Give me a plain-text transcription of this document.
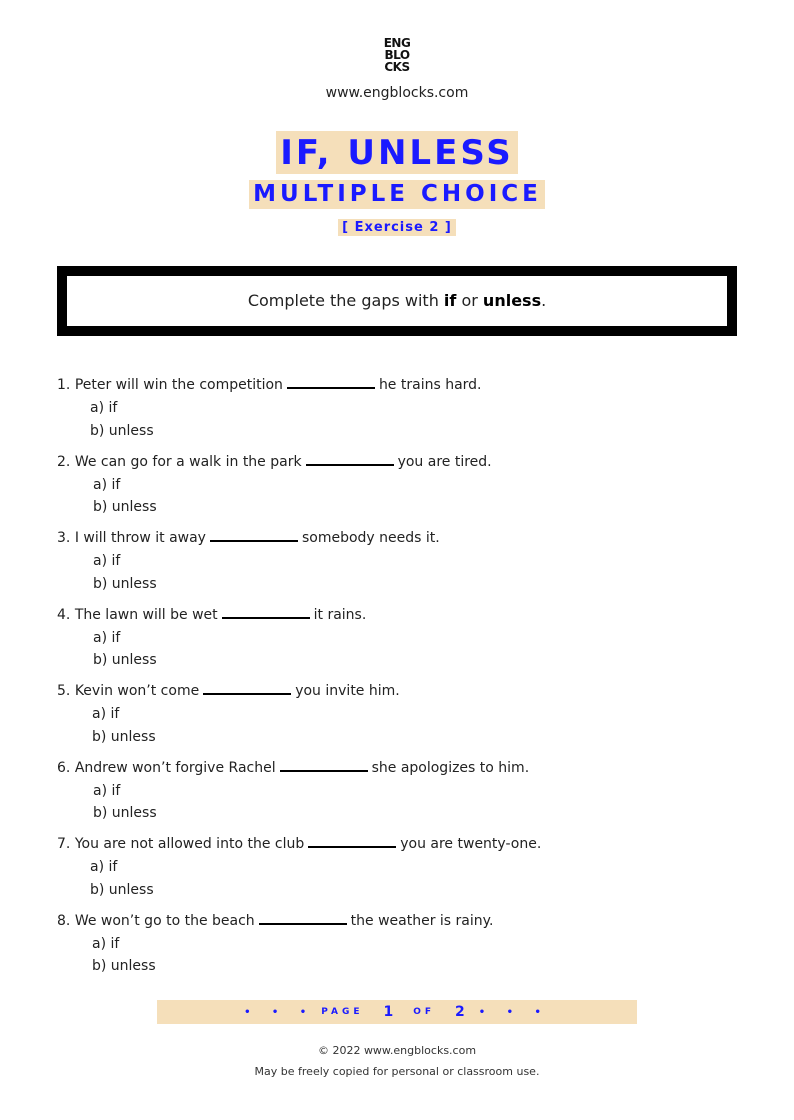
ENG
BLO
CKS
www.engblocks.com
IF, UNLESS
MULTIPLE CHOICE
[ Exercise 2 ]
Complete the gaps with if or unless.
1. Peter will win the competition	he trains hard.
a) if
b) unless
2. We can go for a walk in the park	you are tired.
a) if
b) unless
3. I will throw it away	somebody needs it.
a) if
b) unless
4. The lawn will be wet	it rains.
a) if
b) unless
5. Kevin won’t come	you invite him.
a) if
b) unless
6. Andrew won’t forgive Rachel	she apologizes to him.
a) if
b) unless
7. You are not allowed into the club	you are twenty-one.
a) if
b) unless
8. We won’t go to the beach	the weather is rainy.
a) if
b) unless
• • • PAGE 1 OF 2 • • •
© 2022 www.engblocks.com
May be freely copied for personal or classroom use.
